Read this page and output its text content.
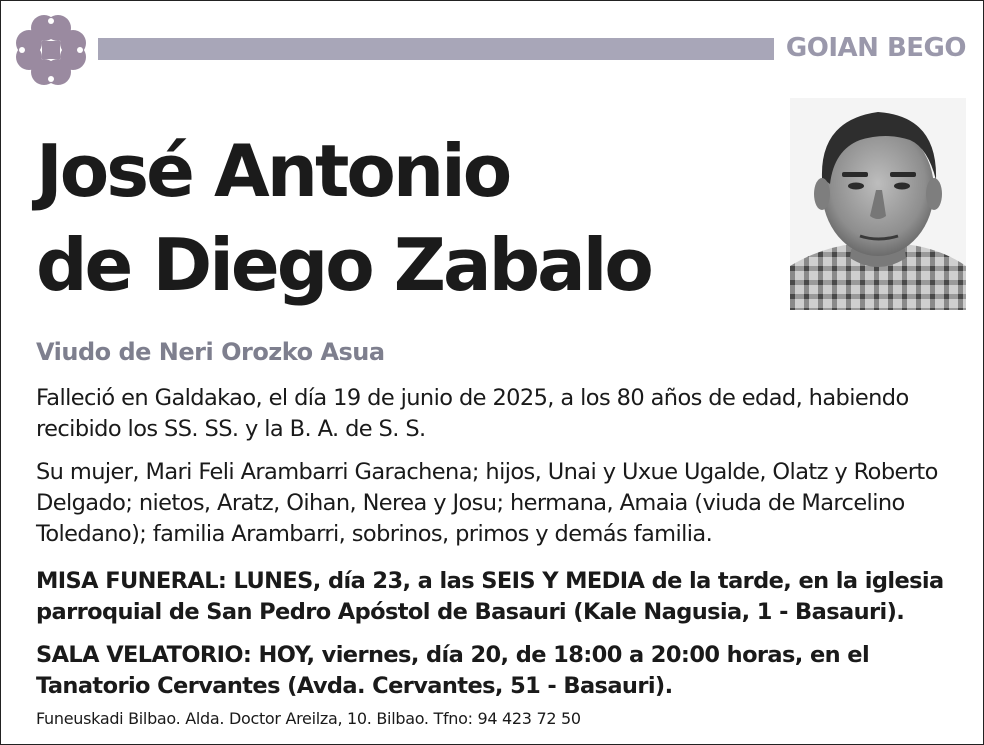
GOIAN BEGO
José Antonio
de Diego Zabalo
Viudo de Neri Orozko Asua
Falleció en Galdakao, el día 19 de junio de 2025, a los 80 años de edad, habiendo recibido los SS. SS. y la B. A. de S. S.
Su mujer, Mari Feli Arambarri Garachena; hijos, Unai y Uxue Ugalde, Olatz y Roberto Delgado; nietos, Aratz, Oihan, Nerea y Josu; hermana, Amaia (viuda de Marcelino Toledano); familia Arambarri, sobrinos, primos y demás familia.
MISA FUNERAL: LUNES, día 23, a las SEIS Y MEDIA de la tarde, en la iglesia parroquial de San Pedro Apóstol de Basauri (Kale Nagusia, 1 - Basauri).
SALA VELATORIO: HOY, viernes, día 20, de 18:00 a 20:00 horas, en el Tanatorio Cervantes (Avda. Cervantes, 51 - Basauri).
Funeuskadi Bilbao. Alda. Doctor Areilza, 10. Bilbao. Tfno: 94 423 72 50
